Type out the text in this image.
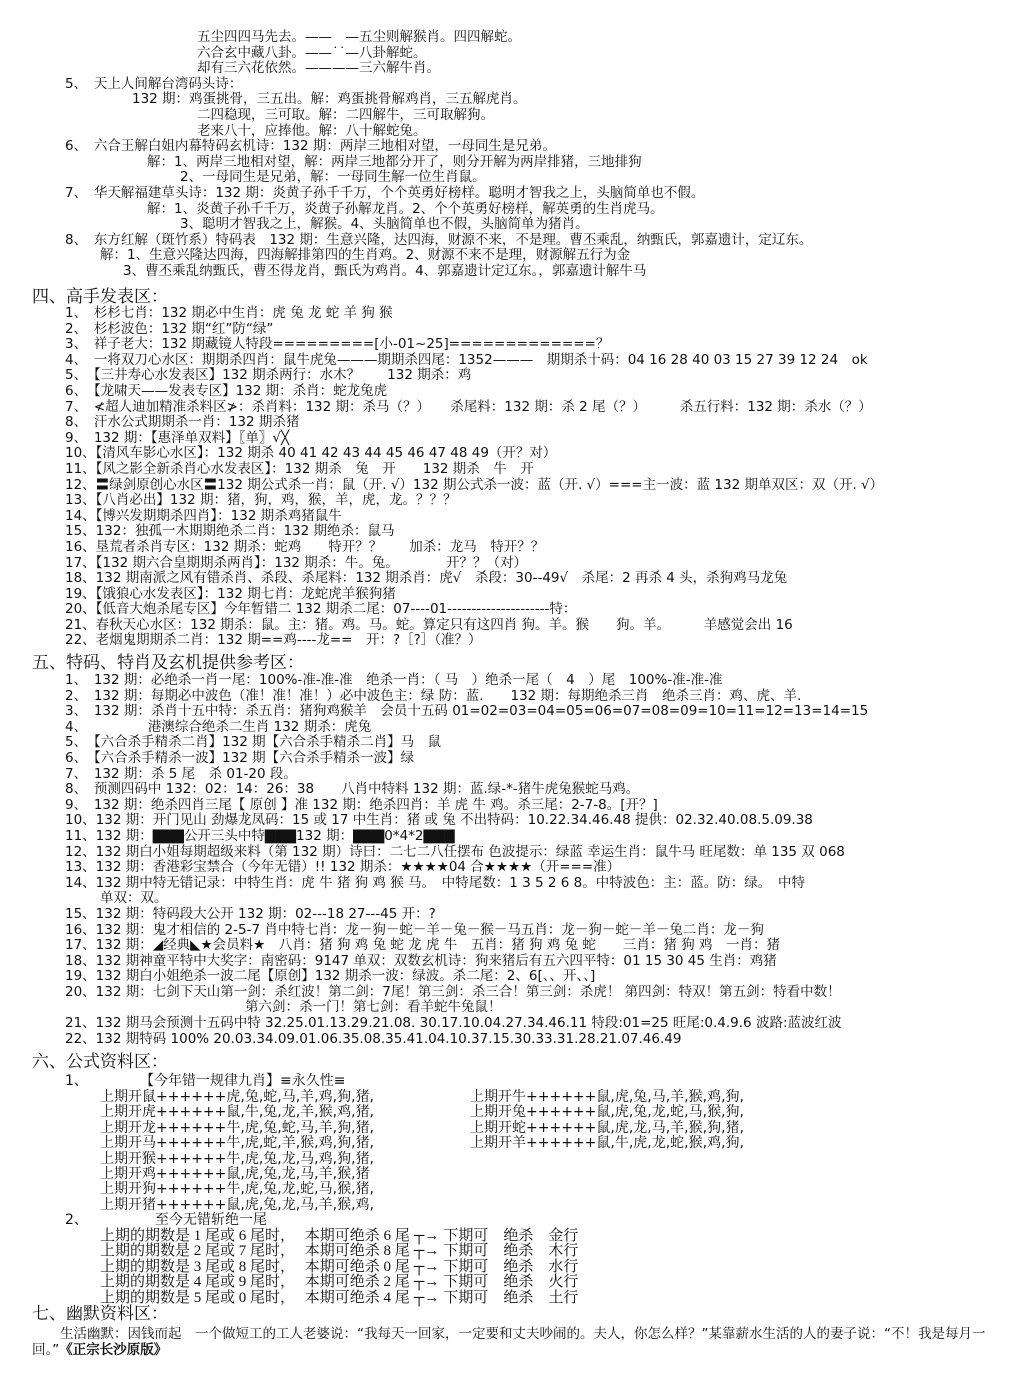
五尘四四马先去。——　—五尘则解猴肖。四四解蛇。
六合玄中藏八卦。——˙˙—八卦解蛇。
却有三六花依然。————三六解牛肖。
5、　天上人间解台湾码头诗：
132 期：鸡蛋挑骨，三五出。解：鸡蛋挑骨解鸡肖，三五解虎肖。
二四稳现，三可取。解：二四解牛，三可取解狗。
老来八十，应捧他。解：八十解蛇兔。
6、　六合王解白姐内幕特码玄机诗：132 期：两岸三地相对望，一母同生是兄弟。
解：1、两岸三地相对望，解：两岸三地都分开了，则分开解为两岸排猪，三地排狗
2、一母同生是兄弟，解：一母同生解一位生肖鼠。
7、　华天解福建草头诗：132 期：炎黄子孙千千万，个个英勇好榜样。聪明才智我之上，头脑简单也不假。
解：1、炎黄子孙千千万，炎黄子孙解龙肖。2、个个英勇好榜样，解英勇的生肖虎马。
3、聪明才智我之上，解猴。4、头脑简单也不假，头脑简单为猪肖。
8、　东方红解（斑竹系）特码表　132 期：生意兴隆，达四海，财源不来，不是理。曹丕乘乱，纳甄氏，郭嘉遗计，定辽东。
解：1、生意兴隆达四海，四海解排第四的生肖鸡。2、财源不来不是理，财源解五行为金
3、曹丕乘乱纳甄氏，曹丕得龙肖，甄氏为鸡肖。4、郭嘉遗计定辽东。，郭嘉遗计解牛马
四、高手发表区：
1、　杉杉七肖：132 期必中生肖：虎 兔 龙 蛇 羊 狗 猴
2、　杉杉波色：132 期“红”防“绿”
3、　祥子老大：132 期藏镜人特段=========[小-01~25]=============？
4、　一将双刀心水区：期期杀四肖：鼠牛虎兔———期期杀四尾：1352———　期期杀十码：04 16 28 40 03 15 27 39 12 24　ok
5、　【三井寿心水发表区】132 期杀两行：水木？　　132 期杀：鸡
6、　【龙啸天——发表专区】132 期：杀肖：蛇龙兔虎
7、　≮超人迪加精准杀料区≯：杀肖料：132 期：杀马（？）　　杀尾料：132 期：杀 2 尾（？）　　　杀五行料：132 期：杀水（？）
8、　汗水公式期期杀一肖：132 期杀猪
9、　132 期：【惠泽单双料】〖单〗√╳
10、【清风车影心水区】：132 期杀 40 41 42 43 44 45 46 47 48 49（开？对）
11、【风之影全新杀肖心水发表区】：132 期杀　兔　开　　132 期杀　牛　开
12、〓绿剑原创心水区〓132 期公式杀一肖：鼠（开. √）132 期公式杀一波：蓝（开. √）===主一波：蓝 132 期单双区：双（开. √）
13、【八肖必出】132 期：猪，狗，鸡，猴，羊，虎，龙。？？？
14、【博兴发期期杀四肖】：132 期杀鸡猪鼠牛
15、132：独孤一木期期绝杀二肖：132 期绝杀：鼠马
16、垦荒者杀肖专区：132 期杀：蛇鸡　　特开？？　　加杀：龙马　特开？？
17、【132 期六合皇期期杀两肖】：132 期杀：牛。兔。　　　　开？？（对）
18、132 期南派之风有错杀肖、杀段、杀尾料：132 期杀肖：虎√　杀段：30--49√　杀尾：2 再杀 4 头，杀狗鸡马龙兔
19、【饿狼心水发表区】：132 期七肖：龙蛇虎羊猴狗猪
20、【低音大炮杀尾专区】今年暂错二 132 期杀二尾：07----01---------------------特：
21、春秋天心水区：132 期杀：鼠。主：猪。鸡。马。蛇。算定只有这四肖 狗。羊。猴　　狗。羊。　　　羊感觉会出 16
22、老烟鬼期期杀二肖：132 期==鸡----龙==　开：?［?］（准？）
五、特码、特肖及玄机提供参考区：
1、　132 期：必绝杀一肖一尾：100%-准-准-准　绝杀一肖：（ 马　）绝杀一尾（　4　）尾　100%-准-准-准
2、　132 期：每期必中波色（准！准！准！）必中波色主：绿 防：蓝.　　132 期：每期绝杀三肖　绝杀三肖：鸡、虎、羊.
3、　132 期：杀肖十五中特：杀五肖：猪狗鸡猴羊　会员十五码 01=02=03=04=05=06=07=08=09=10=11=12=13=14=15
4、　　　　　港澳综合绝杀二生肖 132 期杀：虎兔
5、　【六合杀手精杀二肖】132 期【六合杀手精杀二肖】马　鼠
6、　【六合杀手精杀一波】132 期【六合杀手精杀一波】绿
7、　132 期：杀 5 尾　杀 01-20 段。
8、　预测四码中 132：02：14：26：38　　八肖中特料 132 期：蓝.绿-*-猪牛虎兔猴蛇马鸡。
9、　132 期：绝杀四肖三尾【 原创 】准 132 期：绝杀四肖：羊 虎 牛 鸡。杀三尾：2-7-8。[开？]
10、132 期：开门见山 劲爆龙凤码：15 或 17 中生肖：猪 或 兔 不出特码：10.22.34.46.48 提供：02.32.40.08.5.09.38
11、132 期：▇▇▇公开三头中特▇▇▇132 期：▇▇▇0*4*2▇▇▇
12、132 期白小姐每期超级来料（第 132 期）诗曰：二七二八任摆布 色波提示：绿蓝 幸运生肖：鼠牛马 旺尾数：单 135 双 068
13、132 期：香港彩宝禁合（今年无错）!! 132 期杀：★★★★04 合★★★★（开===准）
14、132 期中特无错记录：中特生肖：虎 牛 猪 狗 鸡 猴 马。　中特尾数：1 3 5 2 6 8。中特波色：主：蓝。防：绿。　中特
单双：双。
15、132 期：特码段大公开 132 期：02---18 27---45 开：?
16、132 期：鬼才相信的 2-5-7 肖中特七肖：龙－狗－蛇－羊－兔－猴－马五肖：龙－狗－蛇－羊－兔二肖：龙－狗
17、132 期：◢经典◣★会员料★　八肖：猪 狗 鸡 兔 蛇 龙 虎 牛　五肖：猪 狗 鸡 兔 蛇　　三肖：猪 狗 鸡　一肖：猪
18、132 期神童平特中大奖字：南密码：9147 单双：双数玄机诗：狗来猪后有五六四平特：01 15 30 45 生肖：鸡猪
19、132 期白小姐绝杀一波二尾【原创】132 期杀一波：绿波。杀二尾：2、6[、、开、、]
20、132 期：七剑下天山第一剑：杀红波！第二剑：7尾！第三剑：杀三合！第三剑：杀虎！ 第四剑：特双！第五剑：特看中数！
第六剑：杀一门！第七剑：看羊蛇牛兔鼠！
21、132 期马会预测十五码中特 32.25.01.13.29.21.08. 30.17.10.04.27.34.46.11 特段:01=25 旺尾:0.4.9.6 波路:蓝波红波
22、132 期特码 100% 20.03.34.09.01.06.35.08.35.41.04.10.37.15.30.33.31.28.21.07.46.49
六、公式资料区：
1、	【今年错一规律九肖】≡永久性≡
上期开鼠++++++虎,兔,蛇,马,羊,鸡,狗,猪,
上期开虎++++++鼠,牛,兔,龙,羊,猴,鸡,猪,
上期开龙++++++牛,虎,兔,蛇,马,羊,狗,猪,
上期开马++++++牛,虎,蛇,羊,猴,鸡,狗,猪,
上期开猴++++++牛,虎,兔,龙,马,鸡,狗,猪,
上期开鸡++++++鼠,虎,兔,龙,马,羊,猴,猪
上期开狗++++++牛,虎,兔,龙,蛇,马,猴,猪,
上期开猪++++++鼠,虎,兔,龙,马,羊,猴,鸡,
上期开牛++++++鼠,虎,兔,马,羊,猴,鸡,狗,
上期开兔++++++鼠,虎,兔,龙,蛇,马,猴,狗,
上期开蛇++++++鼠,虎,龙,马,羊,猴,狗,猪,
上期开羊++++++鼠,牛,虎,龙,蛇,猴,鸡,狗,
2、	至今无错斩绝一尾
上期的期数是 1 尾或 6 尾时， 本期可绝杀 6 尾 ┬→ 下期可　绝杀　金行
上期的期数是 2 尾或 7 尾时， 本期可绝杀 8 尾 ┬→ 下期可　绝杀　木行
上期的期数是 3 尾或 8 尾时， 本期可绝杀 0 尾 ┬→ 下期可　绝杀　水行
上期的期数是 4 尾或 9 尾时， 本期可绝杀 2 尾 ┬→ 下期可　绝杀　火行
上期的期数是 5 尾或 0 尾时， 本期可绝杀 4 尾 ┬→ 下期可　绝杀　土行
七、幽默资料区：
生活幽默：因钱而起　一个做短工的工人老婆说：“我每天一回家，一定要和丈夫吵闹的。夫人，你怎么样？”某靠薪水生活的人的妻子说：“不！我是每月一回。”《正宗长沙原版》
